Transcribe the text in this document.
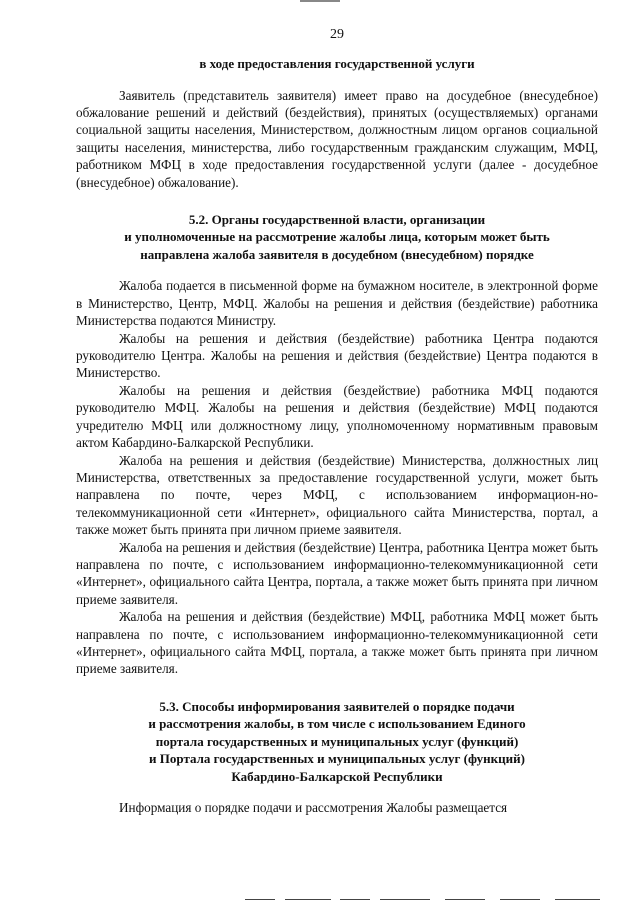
29
в ходе предоставления государственной услуги

Заявитель (представитель заявителя) имеет право на досудебное (внесудебное) обжалование решений и действий (бездействия), принятых (осуществляемых) органами социальной защиты населения, Министерством, должностным лицом органов социальной защиты населения, министерства, либо государственным гражданским служащим, МФЦ, работником МФЦ в ходе предоставления государственной услуги (далее - досудебное (внесудебное) обжалование).

5.2. Органы государственной власти, организации
и уполномоченные на рассмотрение жалобы лица, которым может быть
направлена жалоба заявителя в досудебном (внесудебном) порядке

Жалоба подается в письменной форме на бумажном носителе, в электронной форме в Министерство, Центр, МФЦ. Жалобы на решения и действия (бездействие) работника Министерства подаются Министру.

Жалобы на решения и действия (бездействие) работника Центра подаются руководителю Центра. Жалобы на решения и действия (бездействие) Центра подаются в Министерство.

Жалобы на решения и действия (бездействие) работника МФЦ подаются руководителю МФЦ. Жалобы на решения и действия (бездействие) МФЦ подаются учредителю МФЦ или должностному лицу, уполномоченному нормативным правовым актом Кабардино-Балкарской Республики.

Жалоба на решения и действия (бездействие) Министерства, должностных лиц Министерства, ответственных за предоставление государственной услуги, может быть направлена по почте, через МФЦ, с использованием информацион-но-телекоммуникационной сети «Интернет», официального сайта Министерства, портал, а также может быть принята при личном приеме заявителя.

Жалоба на решения и действия (бездействие) Центра, работника Центра может быть направлена по почте, с использованием информационно-телекоммуникационной сети «Интернет», официального сайта Центра, портала, а также может быть принята при личном приеме заявителя.

Жалоба на решения и действия (бездействие) МФЦ, работника МФЦ может быть направлена по почте, с использованием информационно-телекоммуникационной сети «Интернет», официального сайта МФЦ, портала, а также может быть принята при личном приеме заявителя.

5.3. Способы информирования заявителей о порядке подачи
и рассмотрения жалобы, в том числе с использованием Единого
портала государственных и муниципальных услуг (функций)
и Портала государственных и муниципальных услуг (функций)
Кабардино-Балкарской Республики

Информация о порядке подачи и рассмотрения Жалобы размещается
